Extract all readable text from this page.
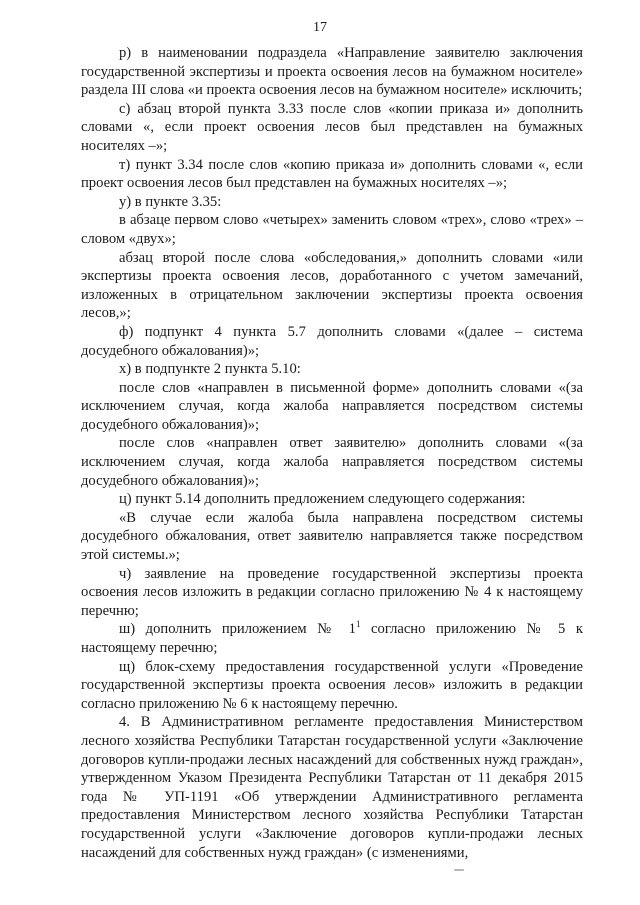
17

р) в наименовании подраздела «Направление заявителю заключения государственной экспертизы и проекта освоения лесов на бумажном носителе» раздела III слова «и проекта освоения лесов на бумажном носителе» исключить;

с) абзац второй пункта 3.33 после слов «копии приказа и» дополнить словами «, если проект освоения лесов был представлен на бумажных носителях –»;

т) пункт 3.34 после слов «копию приказа и» дополнить словами «, если проект освоения лесов был представлен на бумажных носителях –»;

у) в пункте 3.35:

в абзаце первом слово «четырех» заменить словом «трех», слово «трех» – словом «двух»;

абзац второй после слова «обследования,» дополнить словами «или экспертизы проекта освоения лесов, доработанного с учетом замечаний, изложенных в отрицательном заключении экспертизы проекта освоения лесов,»;

ф) подпункт 4 пункта 5.7 дополнить словами «(далее – система досудебного обжалования)»;

х) в подпункте 2 пункта 5.10:

после слов «направлен в письменной форме» дополнить словами «(за исключением случая, когда жалоба направляется посредством системы досудебного обжалования)»;

после слов «направлен ответ заявителю» дополнить словами «(за исключением случая, когда жалоба направляется посредством системы досудебного обжалования)»;

ц) пункт 5.14 дополнить предложением следующего содержания:

«В случае если жалоба была направлена посредством системы досудебного обжалования, ответ заявителю направляется также посредством этой системы.»;

ч) заявление на проведение государственной экспертизы проекта освоения лесов изложить в редакции согласно приложению № 4 к настоящему перечню;

ш) дополнить приложением № $1^1$ согласно приложению № 5 к настоящему перечню;

щ) блок-схему предоставления государственной услуги «Проведение государственной экспертизы проекта освоения лесов» изложить в редакции согласно приложению № 6 к настоящему перечню.

4. В Административном регламенте предоставления Министерством лесного хозяйства Республики Татарстан государственной услуги «Заключение договоров купли-продажи лесных насаждений для собственных нужд граждан», утвержденном Указом Президента Республики Татарстан от 11 декабря 2015 года № УП-1191 «Об утверждении Административного регламента предоставления Министерством лесного хозяйства Республики Татарстан государственной услуги «Заключение договоров купли-продажи лесных насаждений для собственных нужд граждан» (с изменениями,
